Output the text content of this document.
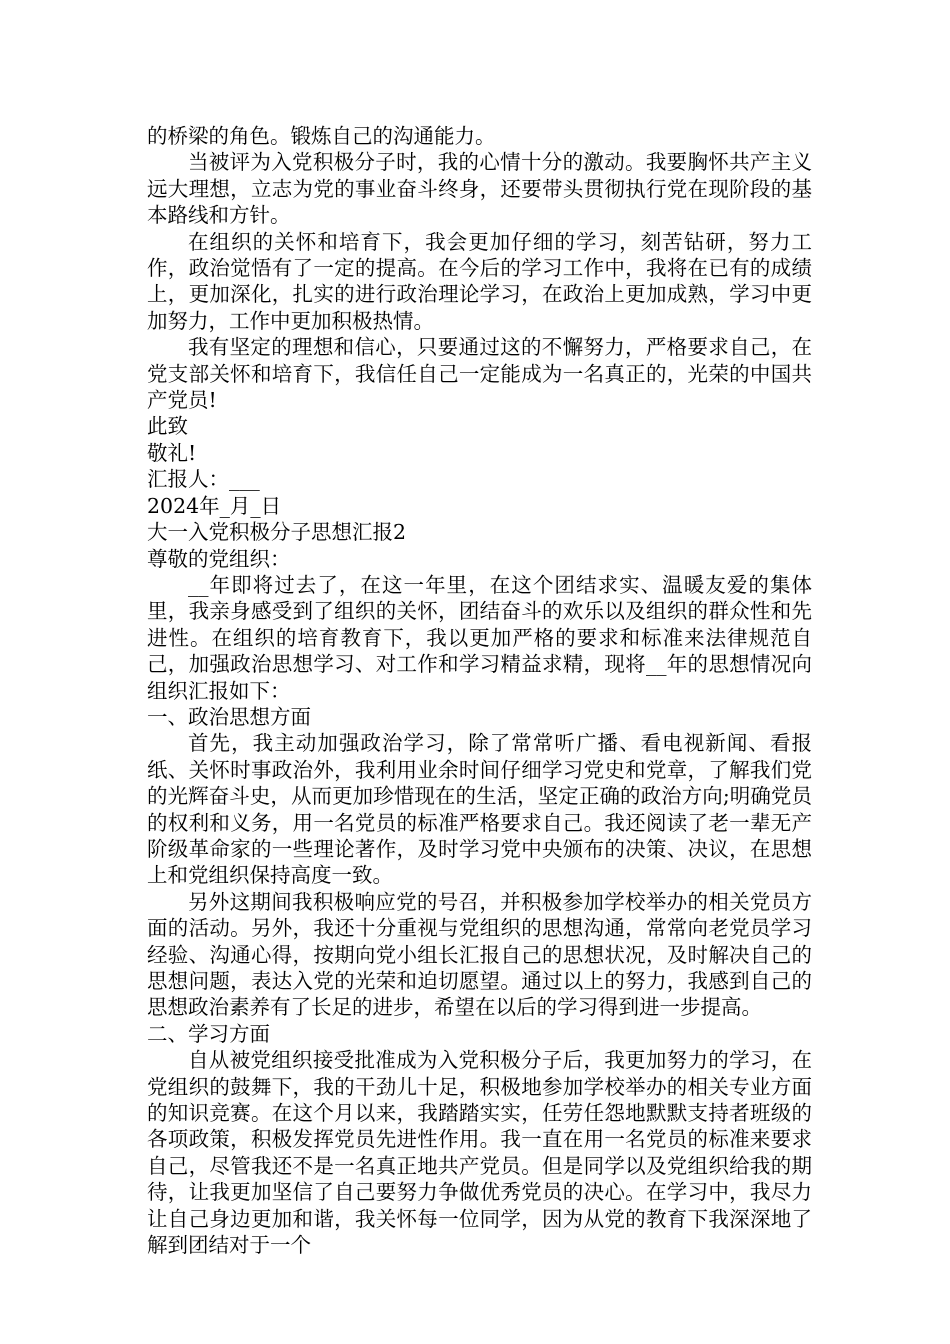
的桥梁的角色。锻炼自己的沟通能力。

当被评为入党积极分子时，我的心情十分的激动。我要胸怀共产主义远大理想，立志为党的事业奋斗终身，还要带头贯彻执行党在现阶段的基本路线和方针。

在组织的关怀和培育下，我会更加仔细的学习，刻苦钻研，努力工作，政治觉悟有了一定的提高。在今后的学习工作中，我将在已有的成绩上，更加深化，扎实的进行政治理论学习，在政治上更加成熟，学习中更加努力，工作中更加积极热情。

我有坚定的理想和信心，只要通过这的不懈努力，严格要求自己，在党支部关怀和培育下，我信任自己一定能成为一名真正的，光荣的中国共产党员!

此致

敬礼!

汇报人：___

2024年_月_日

大一入党积极分子思想汇报2

尊敬的党组织：

__年即将过去了，在这一年里，在这个团结求实、温暖友爱的集体里，我亲身感受到了组织的关怀，团结奋斗的欢乐以及组织的群众性和先进性。在组织的培育教育下，我以更加严格的要求和标准来法律规范自己，加强政治思想学习、对工作和学习精益求精，现将__年的思想情况向组织汇报如下：

一、政治思想方面

首先，我主动加强政治学习，除了常常听广播、看电视新闻、看报纸、关怀时事政治外，我利用业余时间仔细学习党史和党章，了解我们党的光辉奋斗史，从而更加珍惜现在的生活，坚定正确的政治方向;明确党员的权利和义务，用一名党员的标准严格要求自己。我还阅读了老一辈无产阶级革命家的一些理论著作，及时学习党中央颁布的决策、决议，在思想上和党组织保持高度一致。

另外这期间我积极响应党的号召，并积极参加学校举办的相关党员方面的活动。另外，我还十分重视与党组织的思想沟通，常常向老党员学习经验、沟通心得，按期向党小组长汇报自己的思想状况，及时解决自己的思想问题，表达入党的光荣和迫切愿望。通过以上的努力，我感到自己的思想政治素养有了长足的进步，希望在以后的学习得到进一步提高。

二、学习方面

自从被党组织接受批准成为入党积极分子后，我更加努力的学习，在党组织的鼓舞下，我的干劲儿十足，积极地参加学校举办的相关专业方面的知识竞赛。在这个月以来，我踏踏实实，任劳任怨地默默支持者班级的各项政策，积极发挥党员先进性作用。我一直在用一名党员的标准来要求自己，尽管我还不是一名真正地共产党员。但是同学以及党组织给我的期待，让我更加坚信了自己要努力争做优秀党员的决心。在学习中，我尽力让自己身边更加和谐，我关怀每一位同学，因为从党的教育下我深深地了解到团结对于一个
